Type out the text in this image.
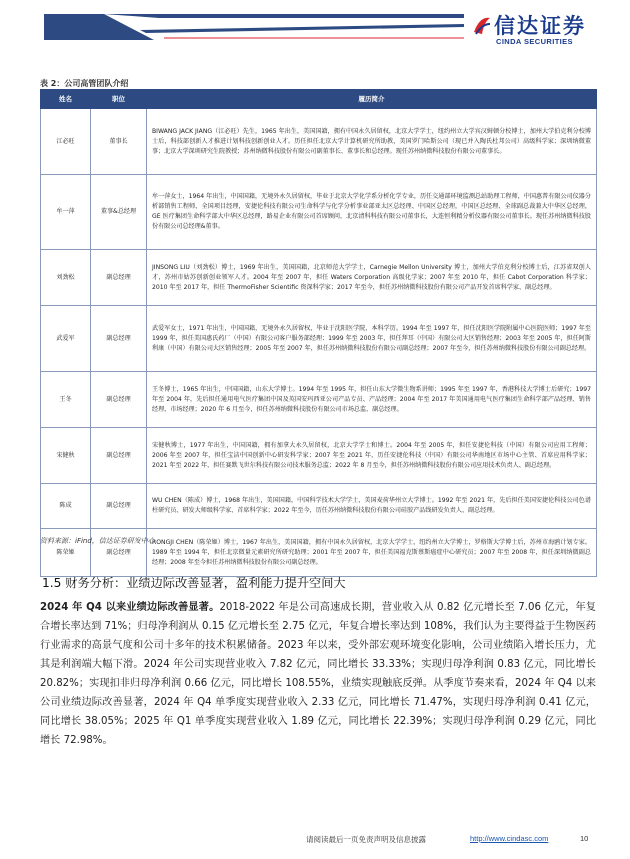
信达证券
CINDA SECURITIES
表 2：公司高管团队介绍
姓名	职位	履历简介
江必旺	董事长	BIWANG JACK JIANG（江必旺）先生，1965 年出生，美国国籍，拥有中国永久居留权，北京大学学士，纽约州立大学宾汉姆顿分校博士，加州大学伯克利分校博士后，科技部创新人才推进计划科技创新创业人才。历任担任北京大学计算机研究所助教，美国罗门哈斯公司（现已并入陶氏杜邦公司）高级科学家；深圳纳微董事；北京大学深圳研究生院教授；苏州纳微科技股份有限公司副董事长、董事长和总经理。现任苏州纳微科技股份有限公司董事长。
牟一萍	董事&总经理	牟一萍女士，1964 年出生，中国国籍，无境外永久居留权，毕业于北京大学化学系分析化学专业，历任交通部环境监测总站助理工程师，中国惠普有限公司仪器分析部销售工程师、全国项目经理，安捷伦科技有限公司生命科学与化学分析事业部亚太区总经理、中国区总经理，中国区总经理、全球副总裁兼大中华区总经理，GE 医疗集团生命科学部大中华区总经理，路易企业有限公司首席顾问，北京清科科技有限公司董事长，大连恒利精分析仪器有限公司董事长。现任苏州纳微科技股份有限公司总经理&董事。
刘劲松	副总经理	JINSONG LIU（刘劲松）博士，1969 年出生，美国国籍，北京师范大学学士，Carnegie Mellon University 博士，加州大学伯克利分校博士后，江苏省双创人才，苏州市姑苏创新创业领军人才。2004 年至 2007 年，担任 Waters Corporation 高级化学家；2007 年至 2010 年，担任 Cabot Corporation 科学家；2010 年至 2017 年，担任 ThermoFisher Scientific 资深科学家；2017 年至今，担任苏州纳微科技股份有限公司产品开发首席科学家、副总经理。
武爱军	副总经理	武爱军女士，1971 年出生，中国国籍，无境外永久居留权，毕业于沈阳医学院，本科学历。1994 年至 1997 年，担任沈阳医学院附属中心医院医师；1997 年至 1999 年，担任美国惠氏药厂（中国）有限公司客户服务部经理；1999 年至 2003 年，担任拜耳（中国）有限公司大区销售经理；2003 年至 2005 年，担任阿斯利康（中国）有限公司大区销售经理；2005 年至 2007 年，担任苏州纳微科技股份有限公司副总经理；2007 年至今，担任苏州纳微科技股份有限公司副总经理。
王冬	副总经理	王冬博士，1965 年出生，中国国籍，山东大学博士。1994 年至 1995 年，担任山东大学微生物系讲师；1995 年至 1997 年，香港科技大学博士后研究；1997 年至 2004 年，先后担任通用电气医疗集团中国及英国安玛西亚公司产品专员、产品经理；2004 年至 2017 年美国通用电气医疗集团生命科学部产品经理、销售经理、市场经理；2020 年 6 月至今，担任苏州纳微科技股份有限公司市场总监、副总经理。
宋健秋	副总经理	宋健秋博士，1977 年出生，中国国籍，拥有加拿大永久居留权，北京大学学士和博士。2004 年至 2005 年，担任安捷伦科技（中国）有限公司应用工程师；2006 年至 2007 年，担任宝洁中国创新中心研发科学家；2007 年至 2021 年，历任安捷伦科技（中国）有限公司华南地区市场中心主管、首席应用科学家；2021 年至 2022 年，担任赛默飞世尔科技有限公司技术服务总监；2022 年 8 月至今，担任苏州纳微科技股份有限公司应用技术负责人、副总经理。
陈成	副总经理	WU CHEN（陈成）博士，1968 年出生，美国国籍，中国科学技术大学学士，美国麦荷华州立大学博士。1992 年至 2021 年，先后担任美国安捷伦科技公司色谱柱研究员、研发大师级科学家、首席科学家；2022 年至今，历任苏州纳微科技股份有限公司硅胶产品线研发负责人、副总经理。
陈荣姬	副总经理	RONGJI CHEN（陈荣姬）博士，1967 年出生，美国国籍，拥有中国永久居留权，北京大学学士，纽约州立大学博士，罗格斯大学博士后，苏州市海鸥计划专家。1989 年至 1994 年，担任北京微量元素研究所研究助理；2001 年至 2007 年，担任美国福克斯蔡斯癌症中心研究员；2007 年至 2008 年，担任深圳纳微副总经理；2008 年至今担任苏州纳微科技股份有限公司副总经理。
资料来源：iFind，信达证券研发中心
1.5 财务分析：业绩边际改善显著，盈利能力提升空间大
2024 年 Q4 以来业绩边际改善显著。2018-2022 年是公司高速成长期，营业收入从 0.82 亿元增长至 7.06 亿元，年复合增长率达到 71%；归母净利润从 0.15 亿元增长至 2.75 亿元，年复合增长率达到 108%，我们认为主要得益于生物医药行业需求的高景气度和公司十多年的技术积累储备。2023 年以来，受外部宏观环境变化影响，公司业绩陷入增长压力，尤其是利润端大幅下滑。2024 年公司实现营业收入 7.82 亿元，同比增长 33.33%；实现归母净利润 0.83 亿元，同比增长 20.82%；实现扣非归母净利润 0.66 亿元，同比增长 108.55%，业绩实现触底反弹。从季度节奏来看，2024 年 Q4 以来公司业绩边际改善显著，2024 年 Q4 单季度实现营业收入 2.33 亿元，同比增长 71.47%，实现归母净利润 0.41 亿元，同比增长 38.05%；2025 年 Q1 单季度实现营业收入 1.89 亿元，同比增长 22.39%；实现归母净利润 0.29 亿元，同比增长 72.98%。
请阅读最后一页免责声明及信息披露	http://www.cindasc.com	10
